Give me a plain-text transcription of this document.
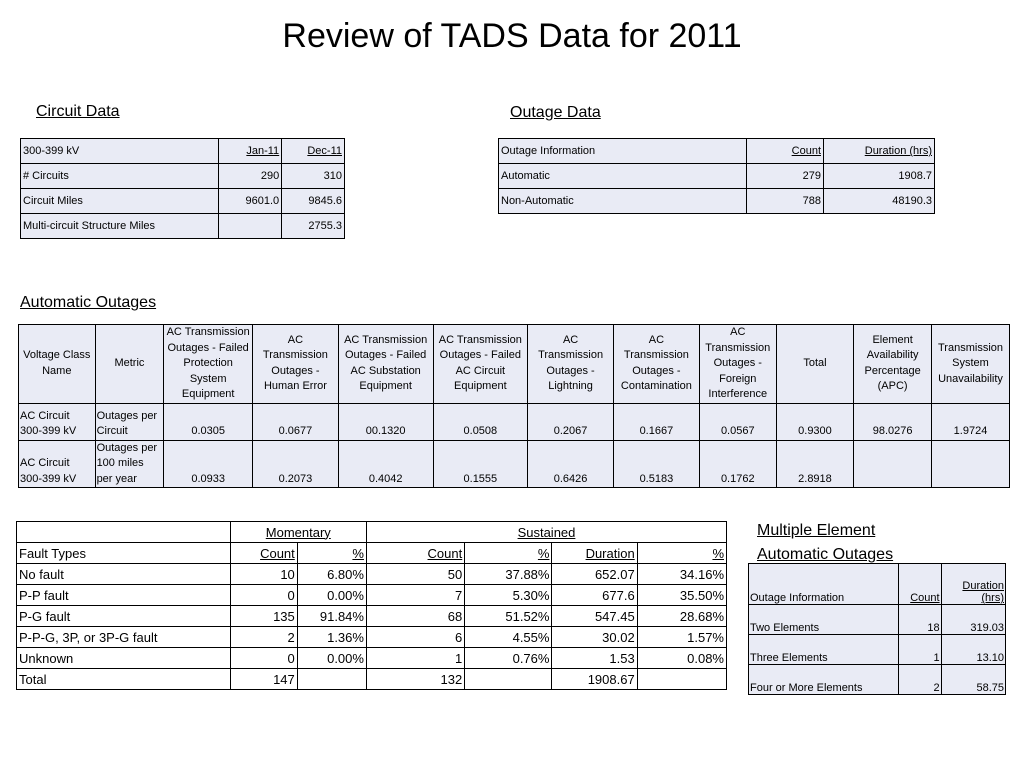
Review of TADS Data for 2011
Circuit Data
300-399 kV	Jan-11	Dec-11
# Circuits	290	310
Circuit Miles	9601.0	9845.6
Multi-circuit Structure Miles		2755.3
Outage Data
Outage Information	Count	Duration (hrs)
Automatic	279	1908.7
Non-Automatic	788	48190.3
Automatic Outages
Voltage Class Name	Metric	AC Transmission Outages - Failed Protection System Equipment	AC Transmission Outages - Human Error	AC Transmission Outages - Failed AC Substation Equipment	AC Transmission Outages - Failed AC Circuit Equipment	AC Transmission Outages - Lightning	AC Transmission Outages - Contamination	AC Transmission Outages - Foreign Interference	Total	Element Availability Percentage (APC)	Transmission System Unavailability
AC Circuit 300-399 kV	Outages per Circuit	0.0305	0.0677	00.1320	0.0508	0.2067	0.1667	0.0567	0.9300	98.0276	1.9724
AC Circuit 300-399 kV	Outages per 100 miles per year	0.0933	0.2073	0.4042	0.1555	0.6426	0.5183	0.1762	2.8918		
	Momentary		Sustained			
Fault Types	Count	%	Count	%	Duration	%
No fault	10	6.80%	50	37.88%	652.07	34.16%
P-P fault	0	0.00%	7	5.30%	677.6	35.50%
P-G fault	135	91.84%	68	51.52%	547.45	28.68%
P-P-G, 3P, or 3P-G fault	2	1.36%	6	4.55%	30.02	1.57%
Unknown	0	0.00%	1	0.76%	1.53	0.08%
Total	147		132		1908.67	
Multiple Element
Automatic Outages
Outage Information	Count	Duration (hrs)
Two Elements	18	319.03
Three Elements	1	13.10
Four or More Elements	2	58.75
